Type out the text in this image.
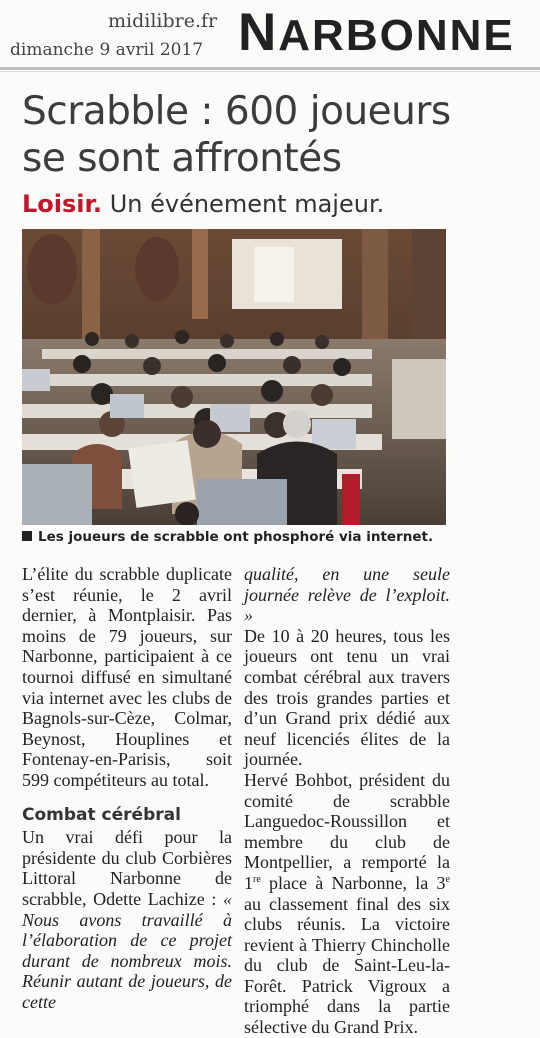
midilibre.fr
dimanche 9 avril 2017 NARBONNE
Scrabble : 600 joueurs
se sont affrontés
Loisir. Un événement majeur.
Les joueurs de scrabble ont phosphoré via internet.

L’élite du scrabble duplicate s’est réunie, le 2 avril dernier, à Montplaisir. Pas moins de 79 joueurs, sur Narbonne, participaient à ce tournoi diffusé en simultané via internet avec les clubs de Bagnols-sur-Cèze, Colmar, Beynost, Houplines et Fontenay-en-Parisis, soit 599 compétiteurs au total.

Combat cérébral

Un vrai défi pour la présidente du club Corbières Littoral Narbonne de scrabble, Odette Lachize : « Nous avons travaillé à l’élaboration de ce projet durant de nombreux mois. Réunir autant de joueurs, de cette

qualité, en une seule journée relève de l’exploit. »

De 10 à 20 heures, tous les joueurs ont tenu un vrai combat cérébral aux travers des trois grandes parties et d’un Grand prix dédié aux neuf licenciés élites de la journée.

Hervé Bohbot, président du comité de scrabble Languedoc-Roussillon et membre du club de Montpellier, a remporté la 1re place à Narbonne, la 3e au classement final des six clubs réunis. La victoire revient à Thierry Chincholle du club de Saint-Leu-la-Forêt. Patrick Vigroux a triomphé dans la partie sélective du Grand Prix.
